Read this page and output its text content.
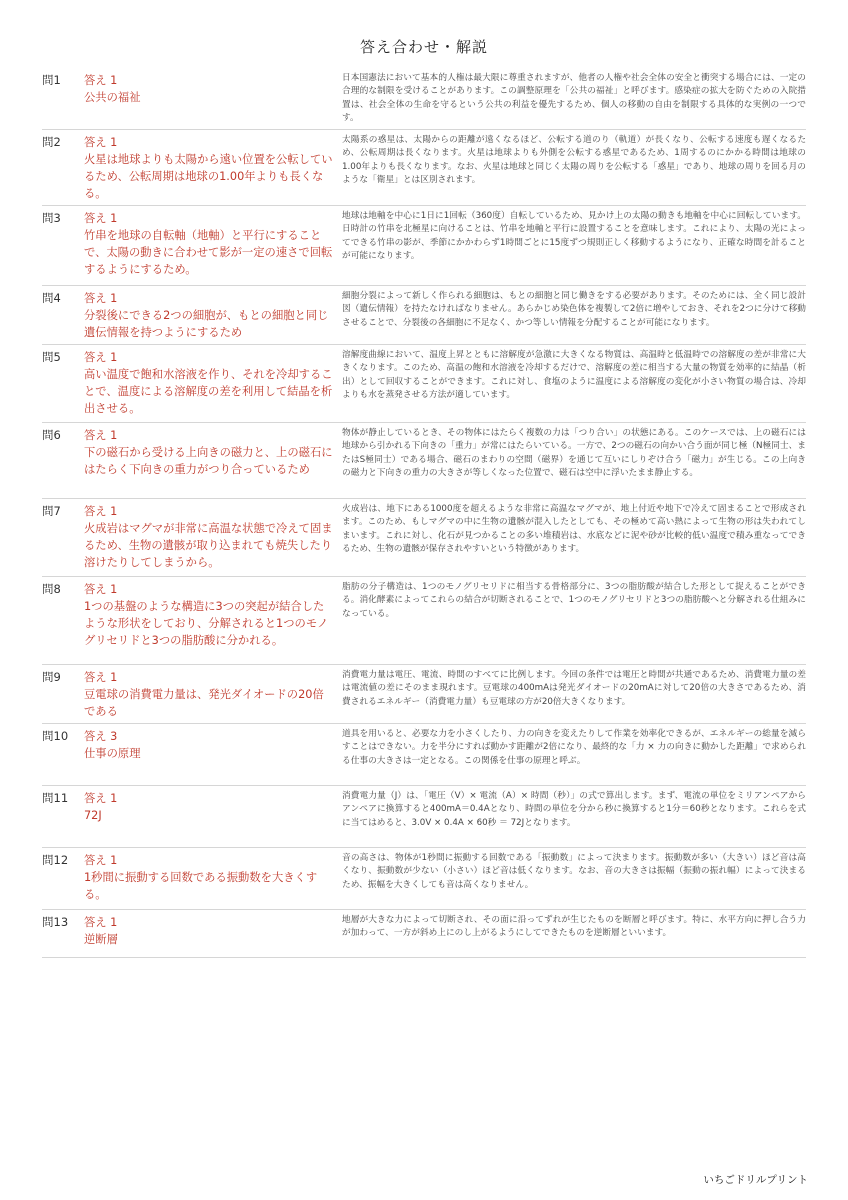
答え合わせ・解説
問1	答え 1
公共の福祉
日本国憲法において基本的人権は最大限に尊重されますが、他者の人権や社会全体の安全と衝突する場合には、一定の合理的な制限を受けることがあります。この調整原理を「公共の福祉」と呼びます。感染症の拡大を防ぐための入院措置は、社会全体の生命を守るという公共の利益を優先するため、個人の移動の自由を制限する具体的な実例の一つです。
問2	答え 1
火星は地球よりも太陽から遠い位置を公転しているため、公転周期は地球の1.00年よりも長くなる。
太陽系の惑星は、太陽からの距離が遠くなるほど、公転する道のり（軌道）が長くなり、公転する速度も遅くなるため、公転周期は長くなります。火星は地球よりも外側を公転する惑星であるため、1周するのにかかる時間は地球の1.00年よりも長くなります。なお、火星は地球と同じく太陽の周りを公転する「惑星」であり、地球の周りを回る月のような「衛星」とは区別されます。
問3	答え 1
竹串を地球の自転軸（地軸）と平行にすることで、太陽の動きに合わせて影が一定の速さで回転するようにするため。
地球は地軸を中心に1日に1回転（360度）自転しているため、見かけ上の太陽の動きも地軸を中心に回転しています。日時計の竹串を北極星に向けることは、竹串を地軸と平行に設置することを意味します。これにより、太陽の光によってできる竹串の影が、季節にかかわらず1時間ごとに15度ずつ規則正しく移動するようになり、正確な時間を計ることが可能になります。
問4	答え 1
分裂後にできる2つの細胞が、もとの細胞と同じ遺伝情報を持つようにするため
細胞分裂によって新しく作られる細胞は、もとの細胞と同じ働きをする必要があります。そのためには、全く同じ設計図（遺伝情報）を持たなければなりません。あらかじめ染色体を複製して2倍に増やしておき、それを2つに分けて移動させることで、分裂後の各細胞に不足なく、かつ等しい情報を分配することが可能になります。
問5	答え 1
高い温度で飽和水溶液を作り、それを冷却することで、温度による溶解度の差を利用して結晶を析出させる。
溶解度曲線において、温度上昇とともに溶解度が急激に大きくなる物質は、高温時と低温時での溶解度の差が非常に大きくなります。このため、高温の飽和水溶液を冷却するだけで、溶解度の差に相当する大量の物質を効率的に結晶（析出）として回収することができます。これに対し、食塩のように温度による溶解度の変化が小さい物質の場合は、冷却よりも水を蒸発させる方法が適しています。
問6	答え 1
下の磁石から受ける上向きの磁力と、上の磁石にはたらく下向きの重力がつり合っているため
物体が静止しているとき、その物体にはたらく複数の力は「つり合い」の状態にある。このケースでは、上の磁石には地球から引かれる下向きの「重力」が常にはたらいている。一方で、2つの磁石の向かい合う面が同じ極（N極同士、またはS極同士）である場合、磁石のまわりの空間（磁界）を通じて互いにしりぞけ合う「磁力」が生じる。この上向きの磁力と下向きの重力の大きさが等しくなった位置で、磁石は空中に浮いたまま静止する。
問7	答え 1
火成岩はマグマが非常に高温な状態で冷えて固まるため、生物の遺骸が取り込まれても焼失したり溶けたりしてしまうから。
火成岩は、地下にある1000度を超えるような非常に高温なマグマが、地上付近や地下で冷えて固まることで形成されます。このため、もしマグマの中に生物の遺骸が混入したとしても、その極めて高い熱によって生物の形は失われてしまいます。これに対し、化石が見つかることの多い堆積岩は、水底などに泥や砂が比較的低い温度で積み重なってできるため、生物の遺骸が保存されやすいという特徴があります。
問8	答え 1
1つの基盤のような構造に3つの突起が結合したような形状をしており、分解されると1つのモノグリセリドと3つの脂肪酸に分かれる。
脂肪の分子構造は、1つのモノグリセリドに相当する骨格部分に、3つの脂肪酸が結合した形として捉えることができる。消化酵素によってこれらの結合が切断されることで、1つのモノグリセリドと3つの脂肪酸へと分解される仕組みになっている。
問9	答え 1
豆電球の消費電力量は、発光ダイオードの20倍である
消費電力量は電圧、電流、時間のすべてに比例します。今回の条件では電圧と時間が共通であるため、消費電力量の差は電流値の差にそのまま現れます。豆電球の400mAは発光ダイオードの20mAに対して20倍の大きさであるため、消費されるエネルギー（消費電力量）も豆電球の方が20倍大きくなります。
問10	答え 3
仕事の原理
道具を用いると、必要な力を小さくしたり、力の向きを変えたりして作業を効率化できるが、エネルギーの総量を減らすことはできない。力を半分にすれば動かす距離が2倍になり、最終的な「力 × 力の向きに動かした距離」で求められる仕事の大きさは一定となる。この関係を仕事の原理と呼ぶ。
問11	答え 1
72J
消費電力量（J）は、「電圧（V）× 電流（A）× 時間（秒）」の式で算出します。まず、電流の単位をミリアンペアからアンペアに換算すると400mA＝0.4Aとなり、時間の単位を分から秒に換算すると1分＝60秒となります。これらを式に当てはめると、3.0V × 0.4A × 60秒 ＝ 72Jとなります。
問12	答え 1
1秒間に振動する回数である振動数を大きくする。
音の高さは、物体が1秒間に振動する回数である「振動数」によって決まります。振動数が多い（大きい）ほど音は高くなり、振動数が少ない（小さい）ほど音は低くなります。なお、音の大きさは振幅（振動の振れ幅）によって決まるため、振幅を大きくしても音は高くなりません。
問13	答え 1
逆断層
地層が大きな力によって切断され、その面に沿ってずれが生じたものを断層と呼びます。特に、水平方向に押し合う力が加わって、一方が斜め上にのし上がるようにしてできたものを逆断層といいます。
いちごドリルプリント
